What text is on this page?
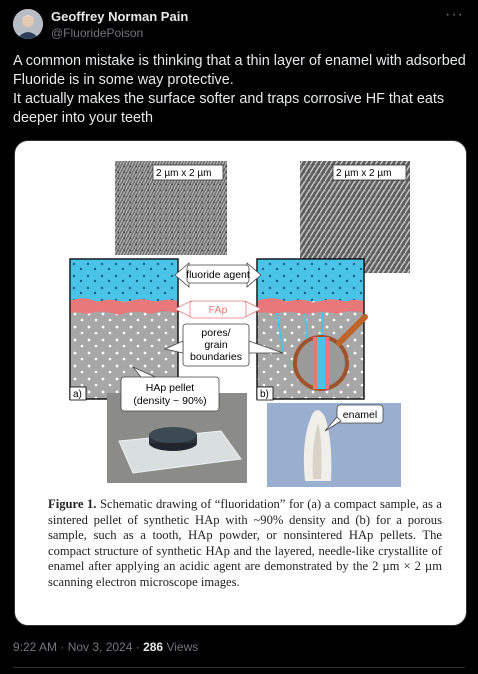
Geoffrey Norman Pain
@FluoridePoison
···

A common mistake is thinking that a thin layer of enamel with adsorbed Fluoride is in some way protective.

It actually makes the surface softer and traps corrosive HF that eats deeper into your teeth

2 µm x 2 µm	2 µm x 2 µm
fluoride agent
FAp
pores/
grain
boundaries
a)	b)
HAp pellet
(density ~ 90%)
enamel
Figure 1. Schematic drawing of “fluoridation” for (a) a compact sample, as a sintered pellet of synthetic HAp with ~90% density and (b) for a porous sample, such as a tooth, HAp powder, or nonsintered HAp pellets. The compact structure of synthetic HAp and the layered, needle-like crystallite of enamel after applying an acidic agent are demonstrated by the 2 µm × 2 µm scanning electron microscope images.
9:22 AM · Nov 3, 2024 · 286 Views
